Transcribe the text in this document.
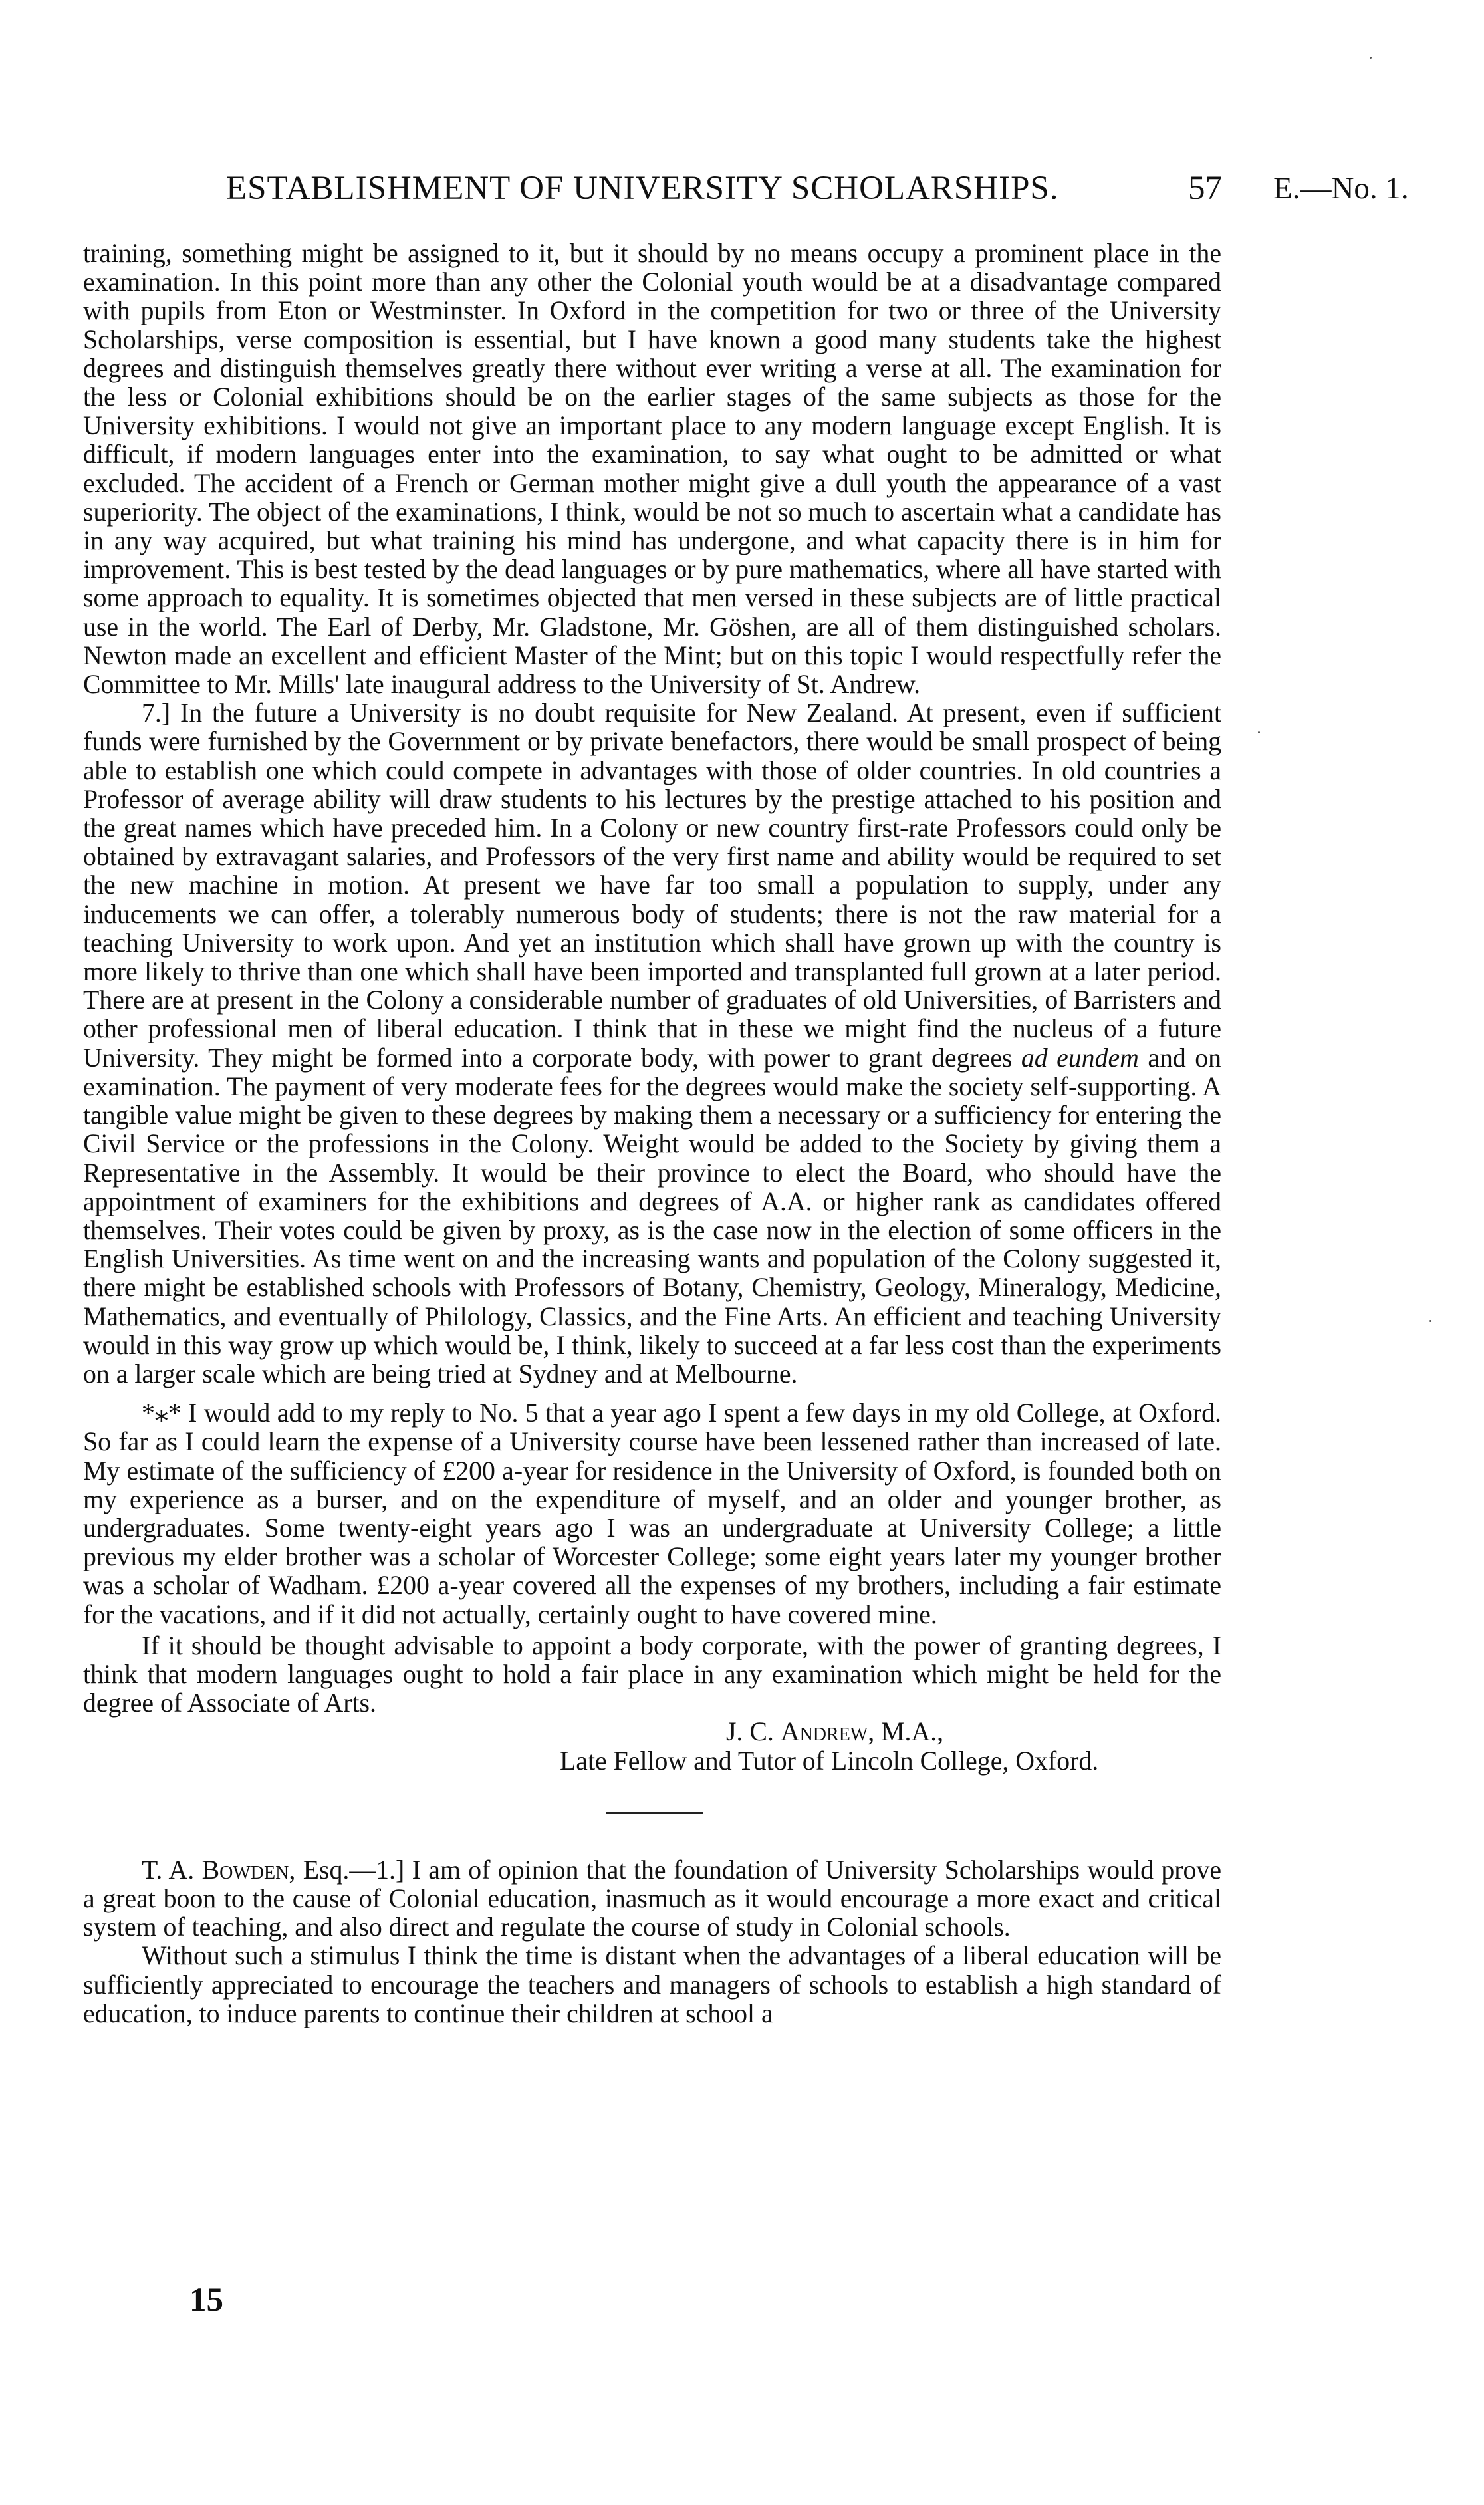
ESTABLISHMENT OF UNIVERSITY SCHOLARSHIPS.	57 E.—No. 1.

training, something might be assigned to it, but it should by no means occupy a prominent place in the examination. In this point more than any other the Colonial youth would be at a disadvantage compared with pupils from Eton or Westminster. In Oxford in the competition for two or three of the University Scholarships, verse composition is essential, but I have known a good many students take the highest degrees and distinguish themselves greatly there without ever writing a verse at all. The examination for the less or Colonial exhibitions should be on the earlier stages of the same subjects as those for the University exhibitions. I would not give an important place to any modern language except English. It is difficult, if modern languages enter into the examination, to say what ought to be admitted or what excluded. The accident of a French or German mother might give a dull youth the appearance of a vast superiority. The object of the examinations, I think, would be not so much to ascertain what a candidate has in any way acquired, but what training his mind has undergone, and what capacity there is in him for improvement. This is best tested by the dead languages or by pure mathematics, where all have started with some approach to equality. It is sometimes objected that men versed in these subjects are of little practical use in the world. The Earl of Derby, Mr. Gladstone, Mr. Göshen, are all of them distinguished scholars. Newton made an excellent and efficient Master of the Mint; but on this topic I would respectfully refer the Committee to Mr. Mills' late inaugural address to the University of St. Andrew.

7.] In the future a University is no doubt requisite for New Zealand. At present, even if sufficient funds were furnished by the Government or by private benefactors, there would be small prospect of being able to establish one which could compete in advantages with those of older countries. In old countries a Professor of average ability will draw students to his lectures by the prestige attached to his position and the great names which have preceded him. In a Colony or new country first-rate Professors could only be obtained by extravagant salaries, and Professors of the very first name and ability would be required to set the new machine in motion. At present we have far too small a population to supply, under any inducements we can offer, a tolerably numerous body of students; there is not the raw material for a teaching University to work upon. And yet an institution which shall have grown up with the country is more likely to thrive than one which shall have been imported and transplanted full grown at a later period. There are at present in the Colony a considerable number of graduates of old Universities, of Barristers and other professional men of liberal education. I think that in these we might find the nucleus of a future University. They might be formed into a corporate body, with power to grant degrees ad eundem and on examination. The payment of very moderate fees for the degrees would make the society self-supporting. A tangible value might be given to these degrees by making them a necessary or a sufficiency for entering the Civil Service or the professions in the Colony. Weight would be added to the Society by giving them a Representative in the Assembly. It would be their province to elect the Board, who should have the appointment of examiners for the exhibitions and degrees of A.A. or higher rank as candidates offered themselves. Their votes could be given by proxy, as is the case now in the election of some officers in the English Universities. As time went on and the increasing wants and population of the Colony suggested it, there might be established schools with Professors of Botany, Chemistry, Geology, Mineralogy, Medicine, Mathematics, and eventually of Philology, Classics, and the Fine Arts. An efficient and teaching University would in this way grow up which would be, I think, likely to succeed at a far less cost than the experiments on a larger scale which are being tried at Sydney and at Melbourne.

*⁎* I would add to my reply to No. 5 that a year ago I spent a few days in my old College, at Oxford. So far as I could learn the expense of a University course have been lessened rather than increased of late. My estimate of the sufficiency of £200 a-year for residence in the University of Oxford, is founded both on my experience as a burser, and on the expenditure of myself, and an older and younger brother, as undergraduates. Some twenty-eight years ago I was an undergraduate at University College; a little previous my elder brother was a scholar of Worcester College; some eight years later my younger brother was a scholar of Wadham. £200 a-year covered all the expenses of my brothers, including a fair estimate for the vacations, and if it did not actually, certainly ought to have covered mine.

If it should be thought advisable to appoint a body corporate, with the power of granting degrees, I think that modern languages ought to hold a fair place in any examination which might be held for the degree of Associate of Arts.

J. C. Andrew, M.A.,

Late Fellow and Tutor of Lincoln College, Oxford.

T. A. Bowden, Esq.—1.] I am of opinion that the foundation of University Scholarships would prove a great boon to the cause of Colonial education, inasmuch as it would encourage a more exact and critical system of teaching, and also direct and regulate the course of study in Colonial schools.

Without such a stimulus I think the time is distant when the advantages of a liberal education will be sufficiently appreciated to encourage the teachers and managers of schools to establish a high standard of education, to induce parents to continue their children at school a

15
